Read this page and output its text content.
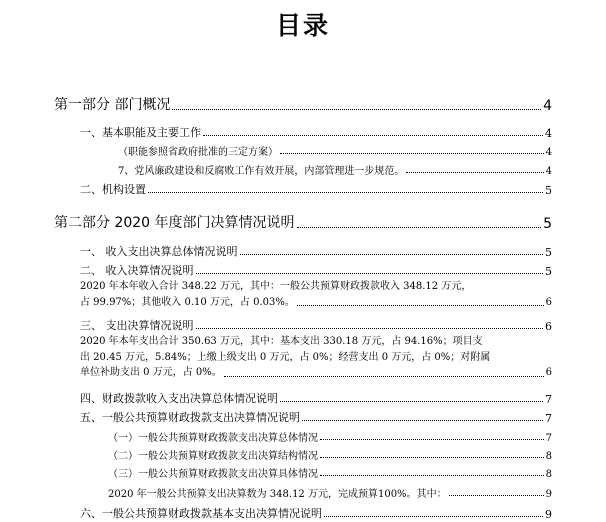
目录
第一部分 部门概况	4
一、基本职能及主要工作	4
（职能参照省政府批准的三定方案）	4
7、党风廉政建设和反腐败工作有效开展，内部管理进一步规范。	4
二、机构设置	5
第二部分 2020 年度部门决算情况说明	5
一、 收入支出决算总体情况说明	5
二、 收入决算情况说明	5
2020 年本年收入合计 348.22 万元，其中：一般公共预算财政拨款收入 348.12 万元，
占 99.97%；其他收入 0.10 万元，占 0.03%。	6
三、 支出决算情况说明	6
2020 年本年支出合计 350.63 万元，其中：基本支出 330.18 万元，占 94.16%；项目支
出 20.45 万元，5.84%；上缴上级支出 0 万元，占 0%；经营支出 0 万元，占 0%；对附属
单位补助支出 0 万元，占 0%。	6
四、财政拨款收入支出决算总体情况说明	7
五、一般公共预算财政拨款支出决算情况说明	7
（一）一般公共预算财政拨款支出决算总体情况	7
（二）一般公共预算财政拨款支出决算结构情况	8
（三）一般公共预算财政拨款支出决算具体情况	8
2020 年一般公共预算支出决算数为 348.12 万元，完成预算100%。其中：	9
六、一般公共预算财政拨款基本支出决算情况说明	9
